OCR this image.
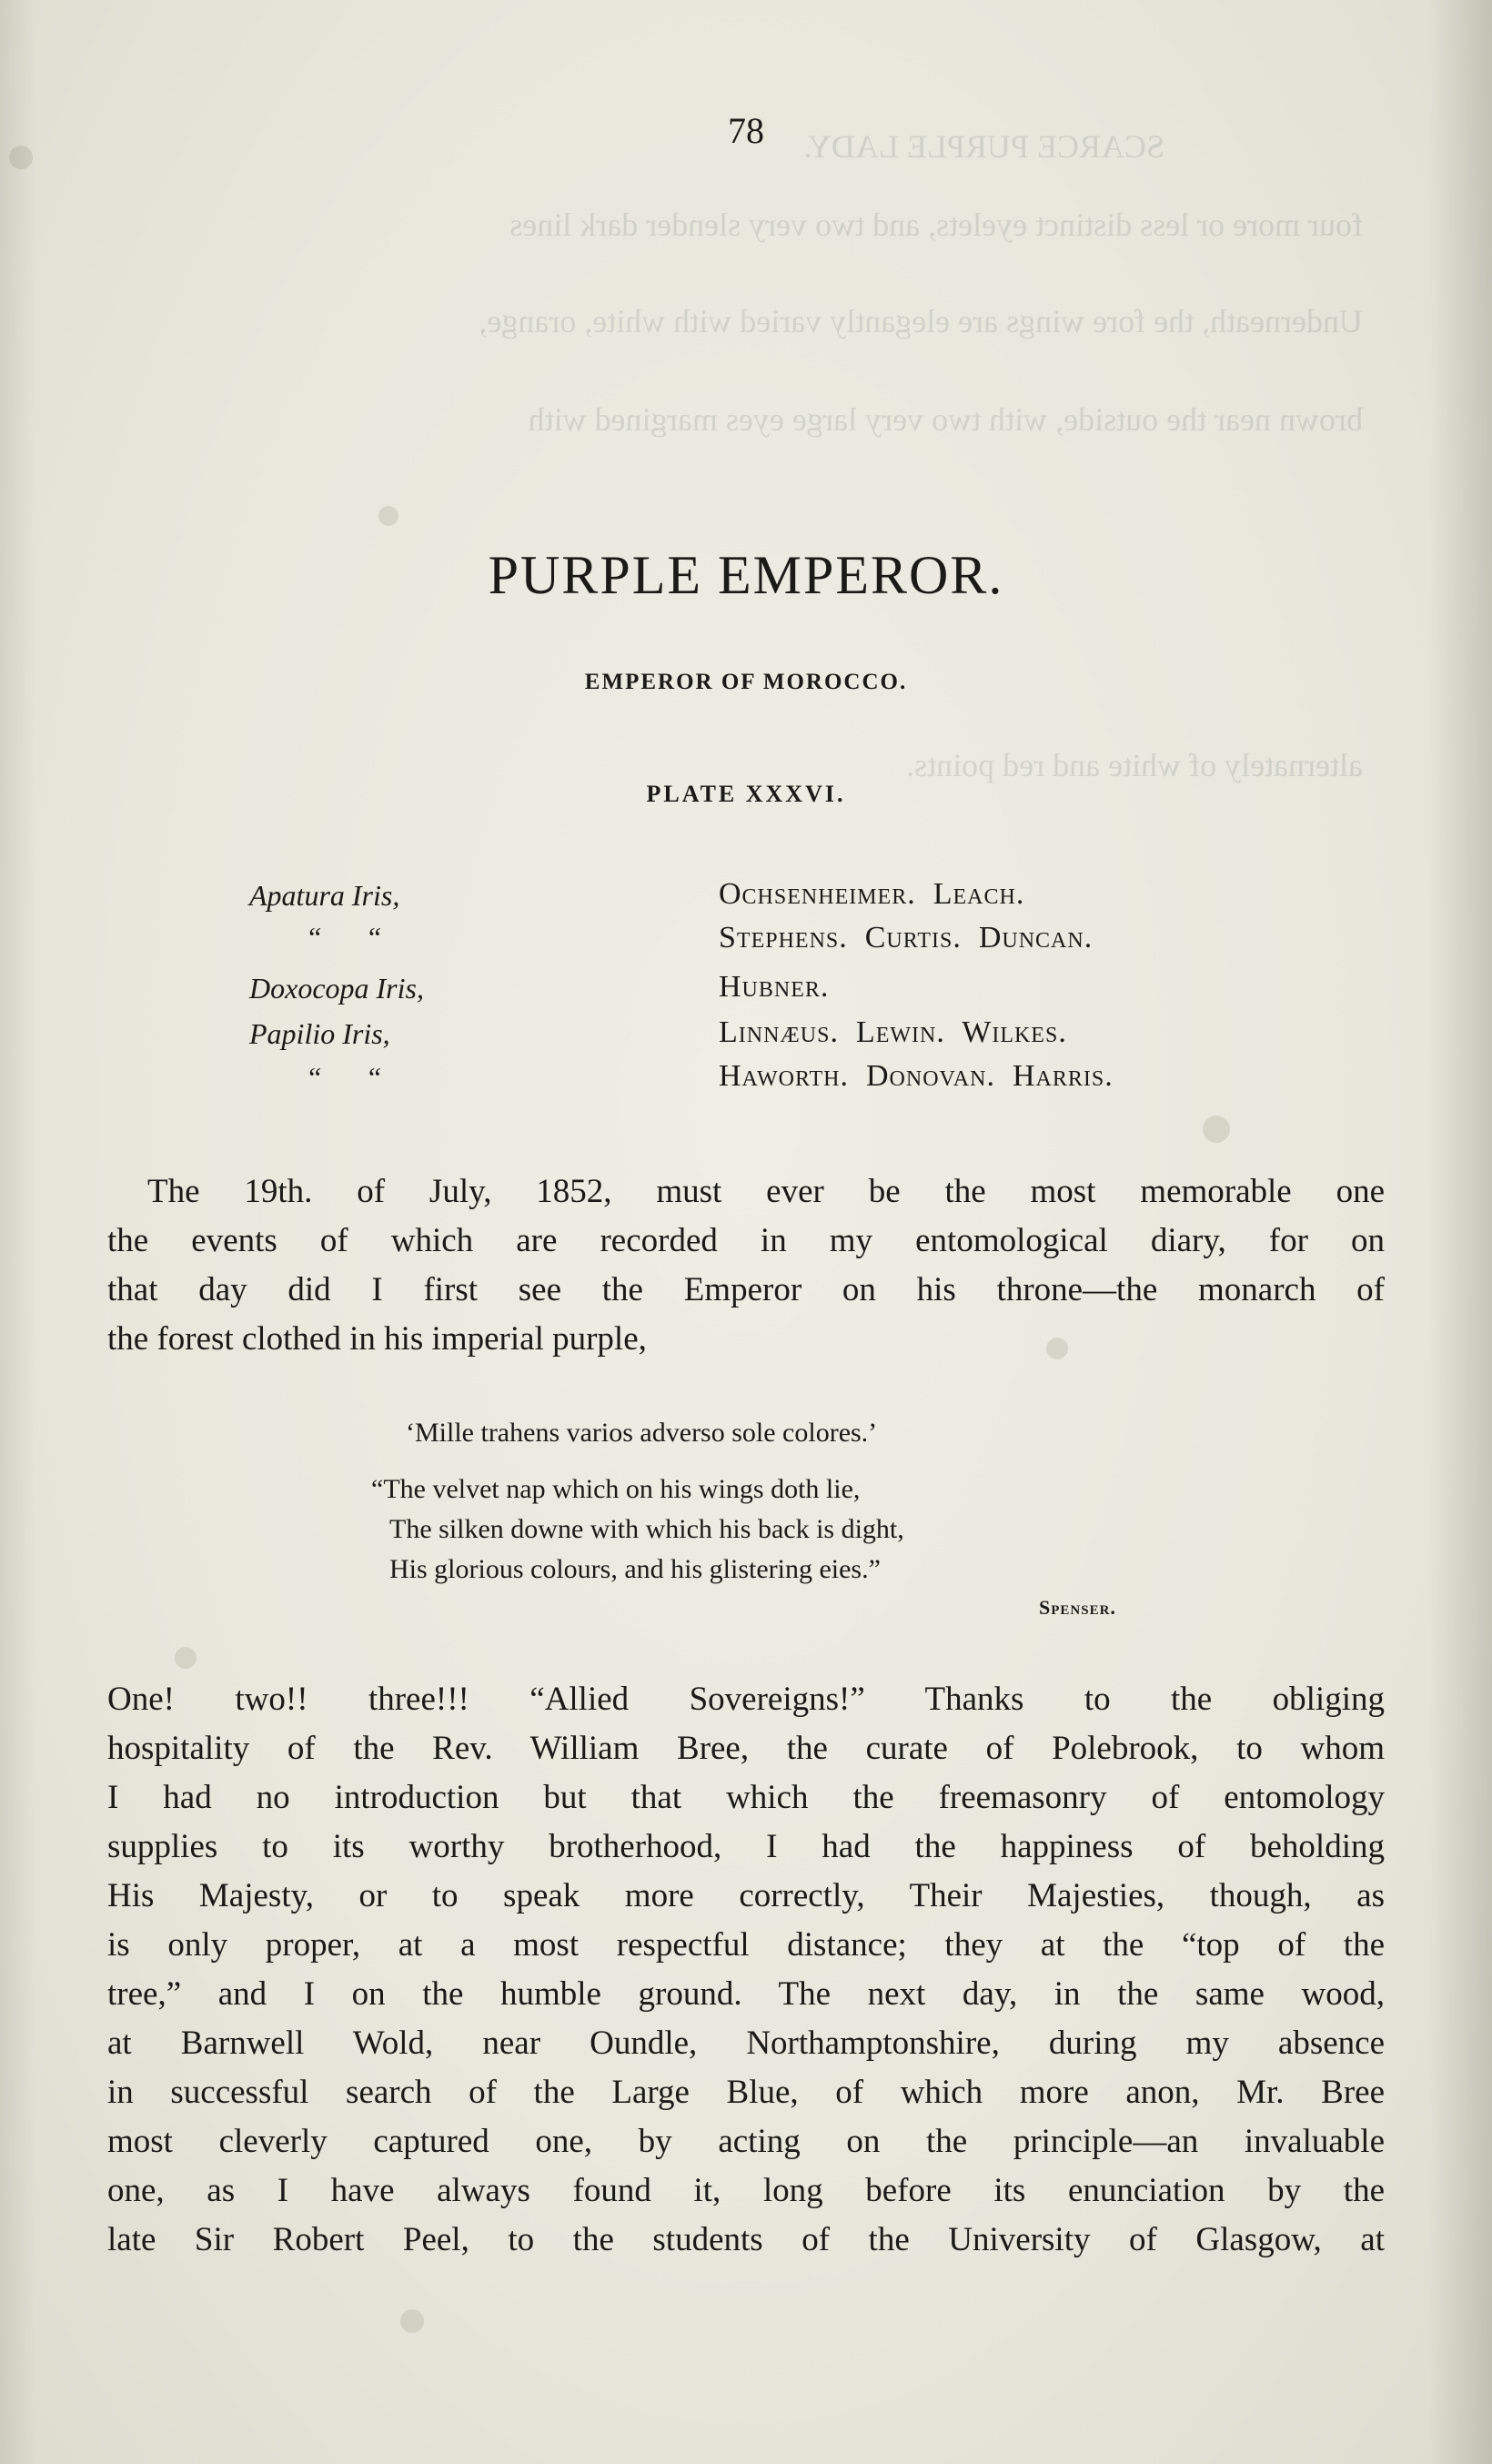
SCARCE PURPLE LADY.
four more or less distinct eyelets, and two very slender dark lines
Underneath, the fore wings are elegantly varied with white, orange,
brown near the outside, with two very large eyes margined with
alternately of white and red points.
78
PURPLE EMPEROR.
EMPEROR OF MOROCCO.
PLATE XXXVI.
Apatura Iris,	Ochsenheimer.  Leach.
“      “	Stephens.  Curtis.  Duncan.
Doxocopa Iris,	Hubner.
Papilio Iris,	Linnæus.  Lewin.  Wilkes.
“      “	Haworth.  Donovan.  Harris.
The 19th. of July, 1852, must ever be the most memorable one
the events of which are recorded in my entomological diary, for on
that day did I first see the Emperor on his throne—the monarch of
the forest clothed in his imperial purple,
‘Mille trahens varios adverso sole colores.’
“The velvet nap which on his wings doth lie,
The silken downe with which his back is dight,
His glorious colours, and his glistering eies.”
Spenser.
One! two!! three!!! “Allied Sovereigns!” Thanks to the obliging
hospitality of the Rev. William Bree, the curate of Polebrook, to whom
I had no introduction but that which the freemasonry of entomology
supplies to its worthy brotherhood, I had the happiness of beholding
His Majesty, or to speak more correctly, Their Majesties, though, as
is only proper, at a most respectful distance; they at the “top of the
tree,” and I on the humble ground. The next day, in the same wood,
at Barnwell Wold, near Oundle, Northamptonshire, during my absence
in successful search of the Large Blue, of which more anon, Mr. Bree
most cleverly captured one, by acting on the principle—an invaluable
one, as I have always found it, long before its enunciation by the
late Sir Robert Peel, to the students of the University of Glasgow, at
